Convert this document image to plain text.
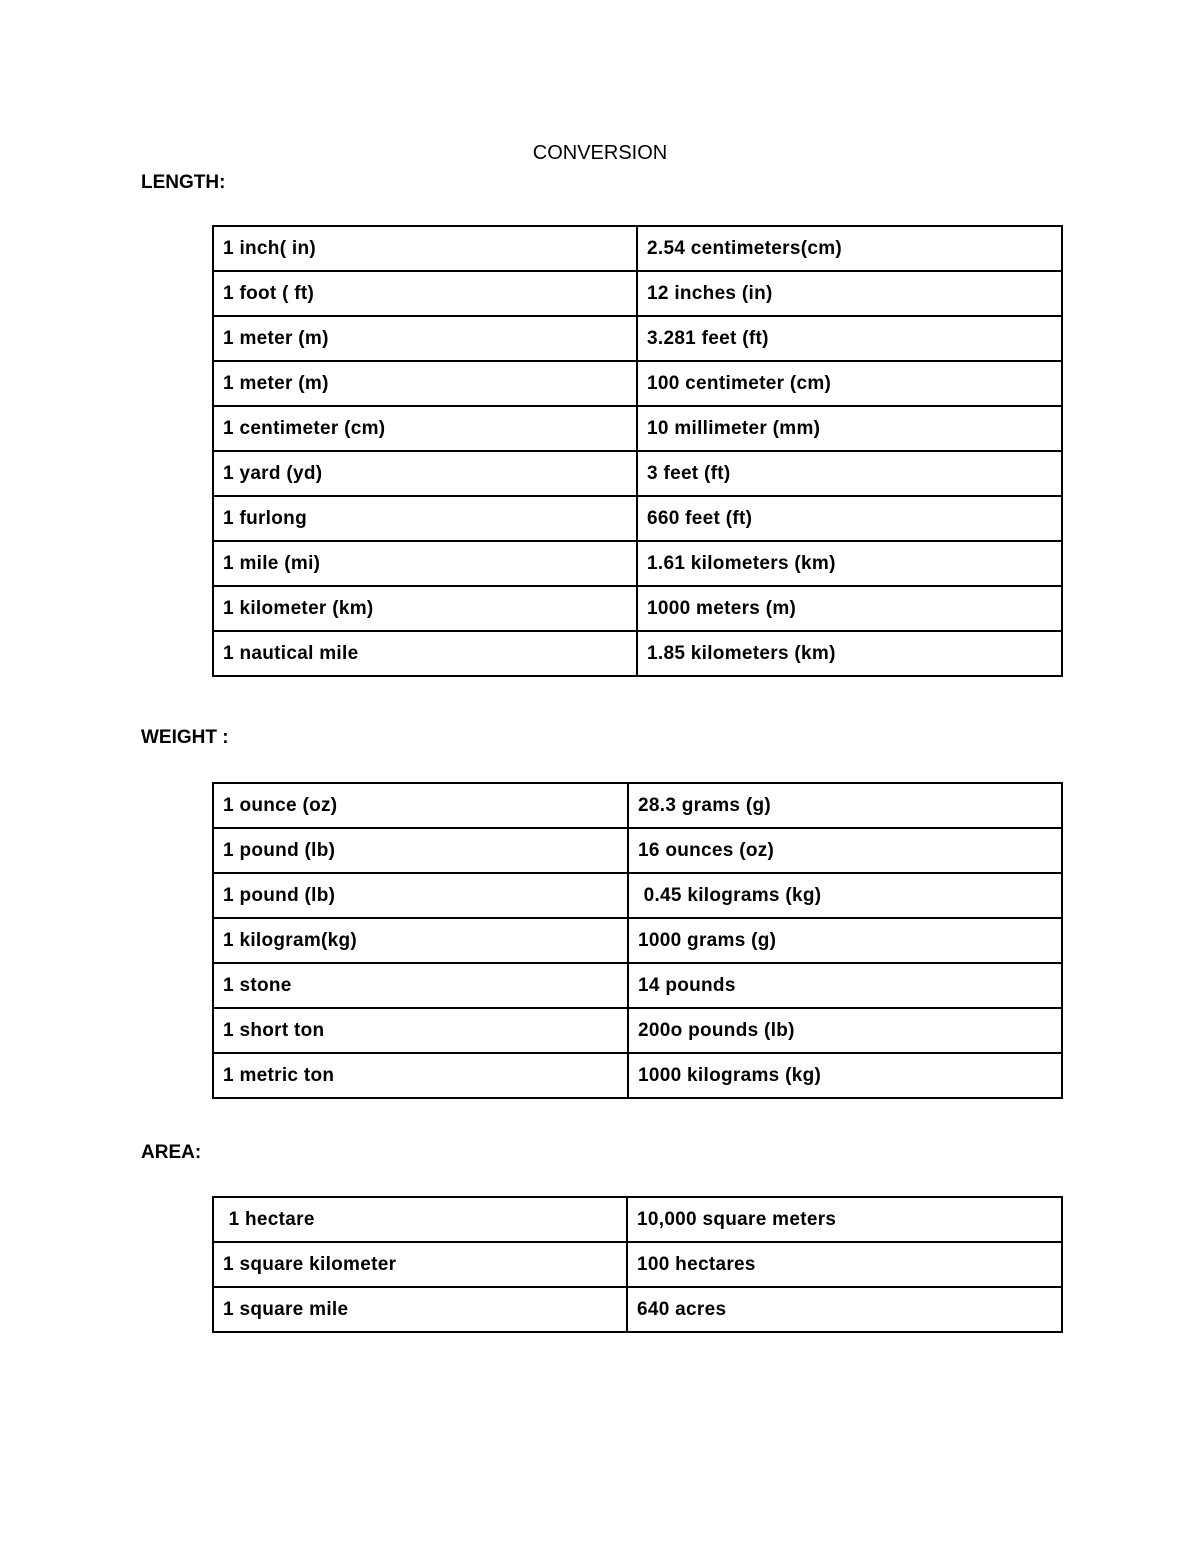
CONVERSION
LENGTH:
1 inch( in)	2.54 centimeters(cm)
1 foot ( ft)	12 inches (in)
1 meter (m)	3.281 feet (ft)
1 meter (m)	100 centimeter (cm)
1 centimeter (cm)	10 millimeter (mm)
1 yard (yd)	3 feet (ft)
1 furlong	660 feet (ft)
1 mile (mi)	1.61 kilometers (km)
1 kilometer (km)	1000 meters (m)
1 nautical mile	1.85 kilometers (km)
WEIGHT :
1 ounce (oz)	28.3 grams (g)
1 pound (lb)	16 ounces (oz)
1 pound (lb)	0.45 kilograms (kg)
1 kilogram(kg)	1000 grams (g)
1 stone	14 pounds
1 short ton	200o pounds (lb)
1 metric ton	1000 kilograms (kg)
AREA:
1 hectare	10,000 square meters
1 square kilometer	100 hectares
1 square mile	640 acres
